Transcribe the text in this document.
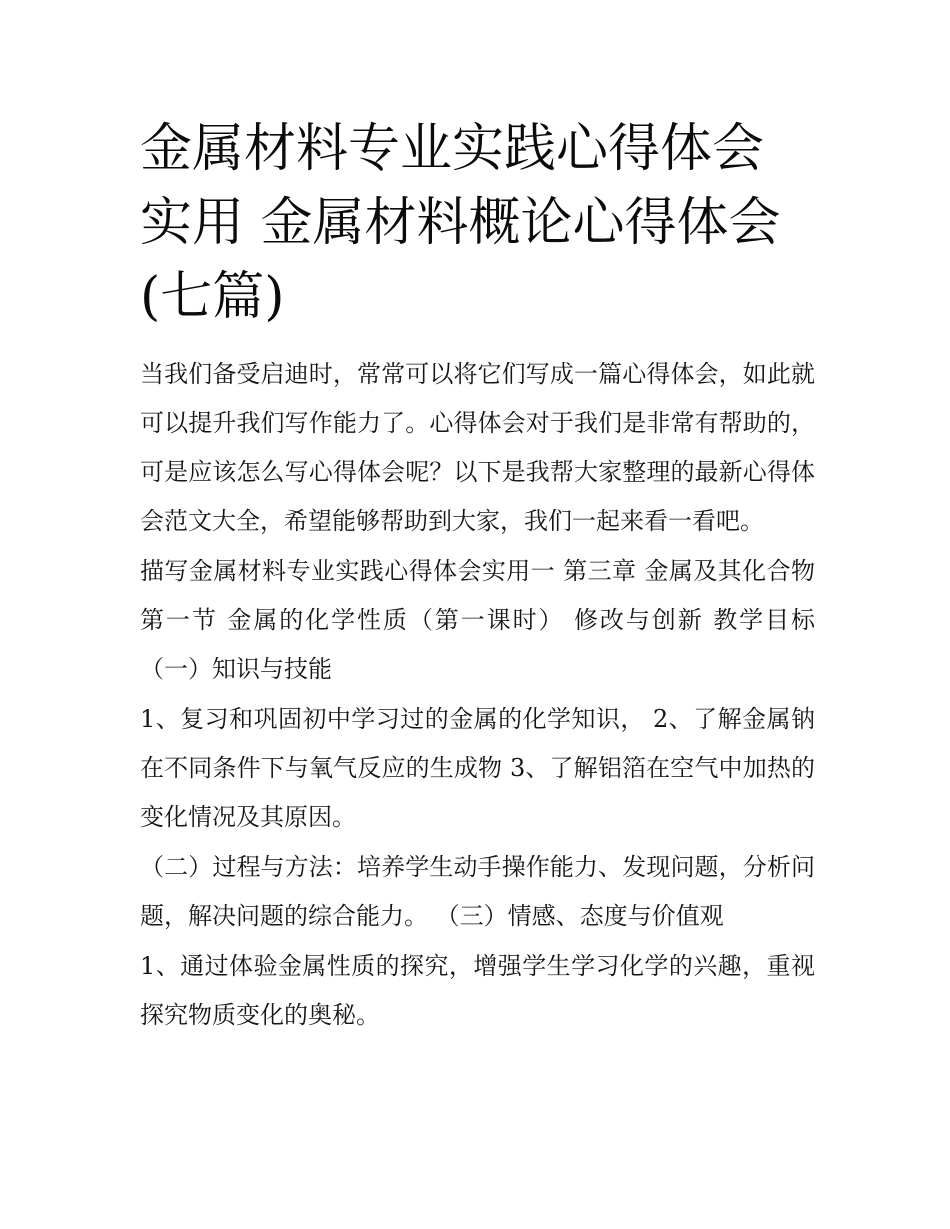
金属材料专业实践心得体会实用 金属材料概论心得体会(七篇)

当我们备受启迪时，常常可以将它们写成一篇心得体会，如此就可以提升我们写作能力了。心得体会对于我们是非常有帮助的，可是应该怎么写心得体会呢？以下是我帮大家整理的最新心得体会范文大全，希望能够帮助到大家，我们一起来看一看吧。

描写金属材料专业实践心得体会实用一 第三章 金属及其化合物 第一节 金属的化学性质（第一课时） 修改与创新 教学目标 （一）知识与技能

1、复习和巩固初中学习过的金属的化学知识， 2、了解金属钠在不同条件下与氧气反应的生成物 3、了解铝箔在空气中加热的变化情况及其原因。

（二）过程与方法：培养学生动手操作能力、发现问题，分析问题，解决问题的综合能力。 （三）情感、态度与价值观

1、通过体验金属性质的探究，增强学生学习化学的兴趣，重视探究物质变化的奥秘。
